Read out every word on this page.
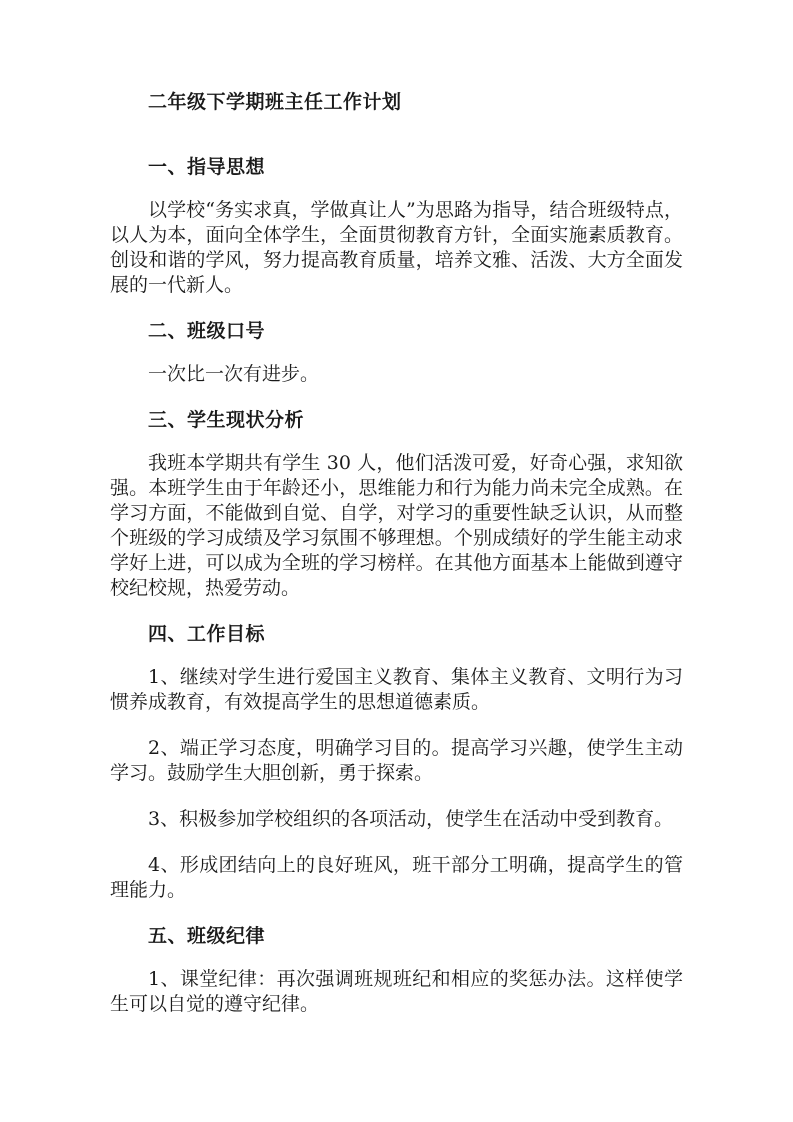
二年级下学期班主任工作计划
一、指导思想

以学校“务实求真，学做真让人”为思路为指导，结合班级特点，以人为本，面向全体学生，全面贯彻教育方针，全面实施素质教育。创设和谐的学风，努力提高教育质量，培养文雅、活泼、大方全面发展的一代新人。

二、班级口号

一次比一次有进步。

三、学生现状分析

我班本学期共有学生 30 人，他们活泼可爱，好奇心强，求知欲强。本班学生由于年龄还小，思维能力和行为能力尚未完全成熟。在学习方面，不能做到自觉、自学，对学习的重要性缺乏认识，从而整个班级的学习成绩及学习氛围不够理想。个别成绩好的学生能主动求学好上进，可以成为全班的学习榜样。在其他方面基本上能做到遵守校纪校规，热爱劳动。

四、工作目标

1、继续对学生进行爱国主义教育、集体主义教育、文明行为习惯养成教育，有效提高学生的思想道德素质。

2、端正学习态度，明确学习目的。提高学习兴趣，使学生主动学习。鼓励学生大胆创新，勇于探索。

3、积极参加学校组织的各项活动，使学生在活动中受到教育。

4、形成团结向上的良好班风，班干部分工明确，提高学生的管理能力。

五、班级纪律

1、课堂纪律：再次强调班规班纪和相应的奖惩办法。这样使学生可以自觉的遵守纪律。
